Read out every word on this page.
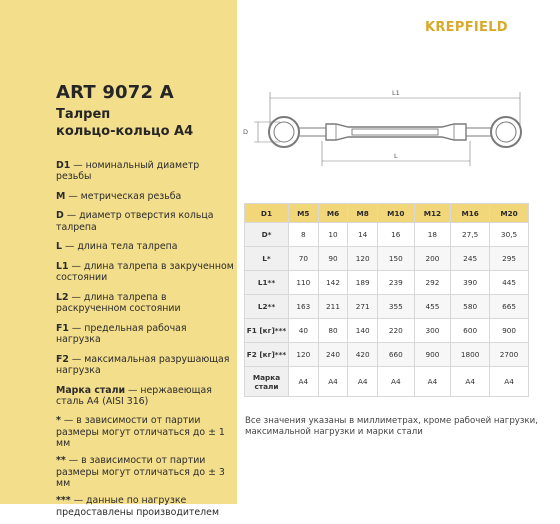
ART 9072 A
Талреп
кольцо-кольцо А4
D1 — номинальный диаметр резьбы
M — метрическая резьба
D — диаметр отверстия кольца талрепа
L — длина тела талрепа
L1 — длина талрепа в закрученном состоянии
L2 — длина талрепа в раскрученном состоянии
F1 — предельная рабочая нагрузка
F2 — максимальная разрушающая нагрузка
Марка стали — нержавеющая сталь А4 (AISI 316)
* — в зависимости от партии размеры могут отличаться до ± 1 мм
** — в зависимости от партии размеры могут отличаться до ± 3 мм
*** — данные по нагрузке предоставлены производителем
KREPFIELD
L1
L
D
D1	M5	M6	M8	M10	M12	M16	M20
D*	8	10	14	16	18	27,5	30,5
L*	70	90	120	150	200	245	295
L1**	110	142	189	239	292	390	445
L2**	163	211	271	355	455	580	665
F1 [кг]***	40	80	140	220	300	600	900
F2 [кг]***	120	240	420	660	900	1800	2700
Марка стали	A4	A4	A4	A4	A4	A4	A4
Все значения указаны в миллиметрах, кроме рабочей нагрузки, максимальной нагрузки и марки стали
